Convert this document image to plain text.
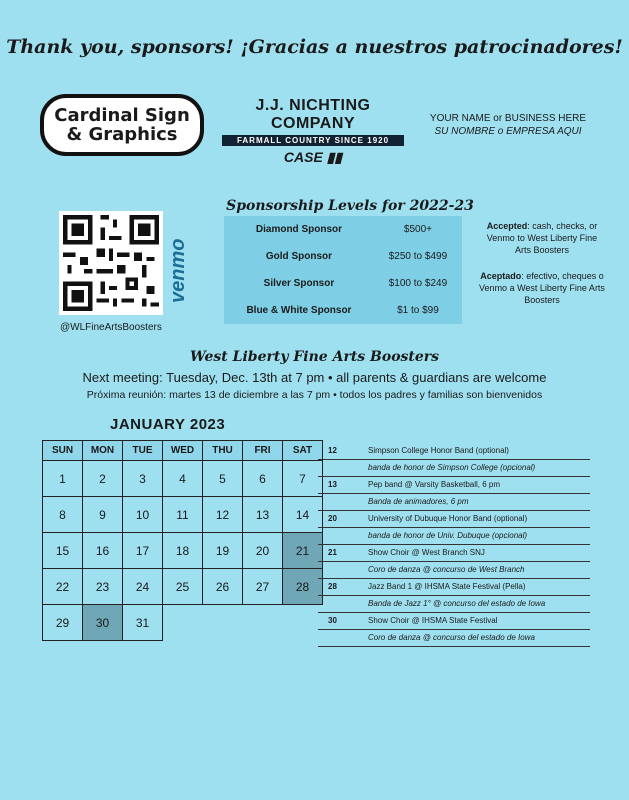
Thank you, sponsors! ¡Gracias a nuestros patrocinadores!
Cardinal Sign
& Graphics
J.J. NICHTING COMPANY
FARMALL COUNTRY SINCE 1920
CASE ▮▮
YOUR NAME or BUSINESS HERE
SU NOMBRE o EMPRESA AQUI
venmo
@WLFineArtsBoosters
Sponsorship Levels for 2022-23
Diamond Sponsor	$500+
Gold Sponsor	$250 to $499
Silver Sponsor	$100 to $249
Blue & White Sponsor	$1 to $99
Accepted: cash, checks, or Venmo to West Liberty Fine Arts Boosters
Aceptado: efectivo, cheques o Venmo a West Liberty Fine Arts Boosters
West Liberty Fine Arts Boosters
Next meeting: Tuesday, Dec. 13th at 7 pm • all parents & guardians are welcome
Próxima reunión: martes 13 de diciembre a las 7 pm • todos los padres y familias son bienvenidos
JANUARY 2023
SUN	MON	TUE	WED	THU	FRI	SAT
1	2	3	4	5	6	7
8	9	10	11	12	13	14
15	16	17	18	19	20	21
22	23	24	25	26	27	28
29	30	31				
12	Simpson College Honor Band (optional)
banda de honor de Simpson College (opcional)
13	Pep band @ Varsity Basketball, 6 pm
Banda de animadores, 6 pm
20	University of Dubuque Honor Band (optional)
banda de honor de Univ. Dubuque (opcional)
21	Show Choir @ West Branch SNJ
Coro de danza @ concurso de West Branch
28	Jazz Band 1 @ IHSMA State Festival (Pella)
Banda de Jazz 1° @ concurso del estado de Iowa
30	Show Choir @ IHSMA State Festival
Coro de danza @ concurso del estado de Iowa
